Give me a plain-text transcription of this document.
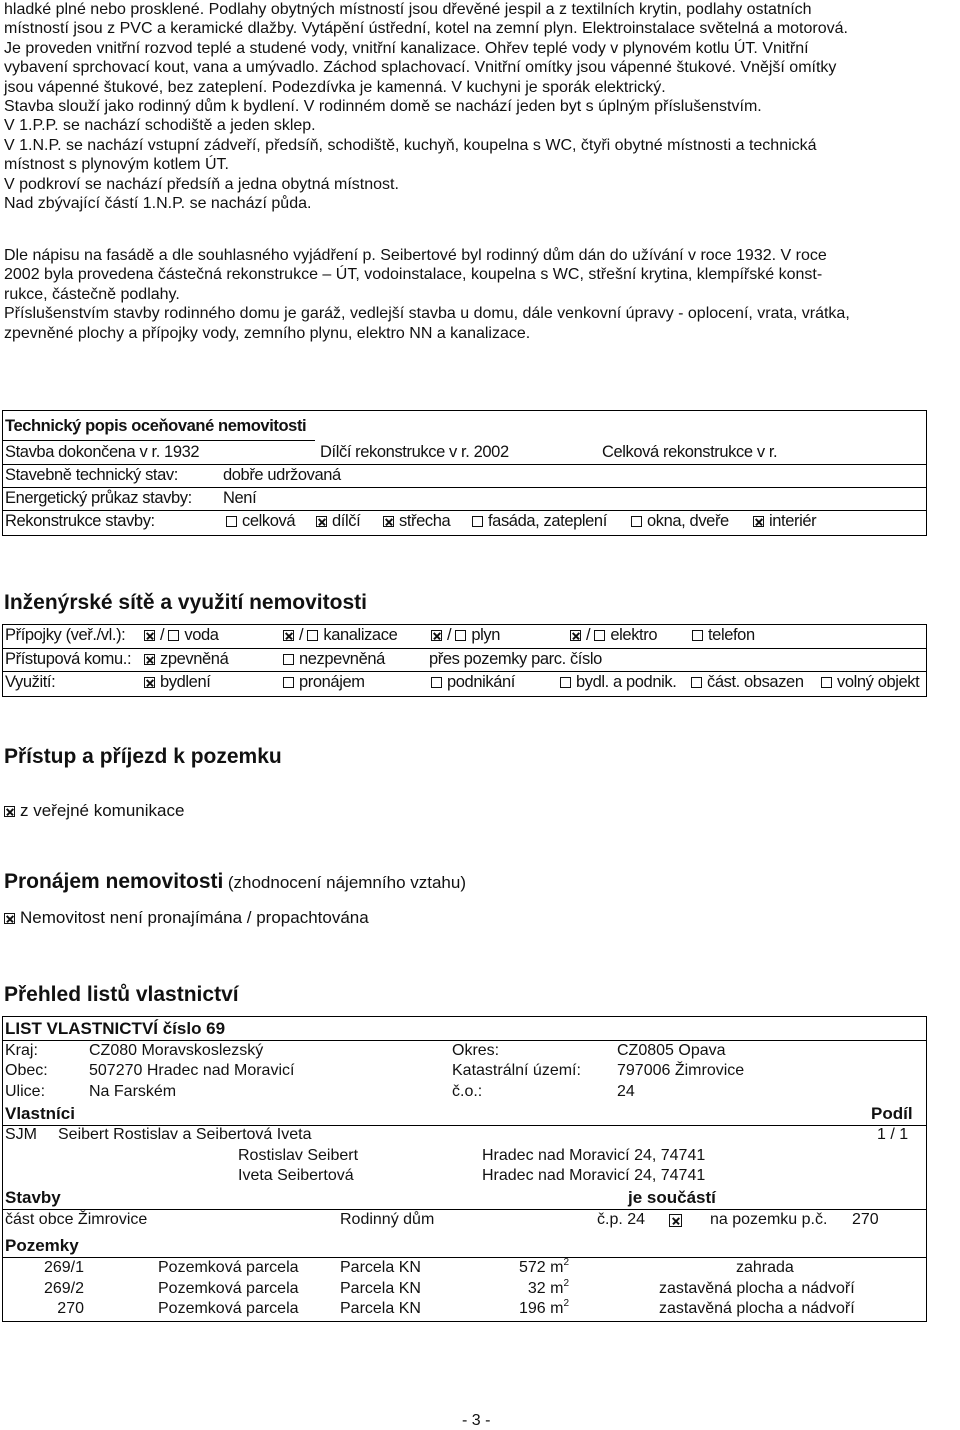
hladké plné nebo prosklené. Podlahy obytných místností jsou dřevěné jespil a z textilních krytin, podlahy ostatních
místností jsou z PVC a keramické dlažby. Vytápění ústřední, kotel na zemní plyn. Elektroinstalace světelná a motorová.
Je proveden vnitřní rozvod teplé a studené vody, vnitřní kanalizace. Ohřev teplé vody v plynovém kotlu ÚT. Vnitřní
vybavení sprchovací kout, vana a umývadlo. Záchod splachovací. Vnitřní omítky jsou vápenné štukové. Vnější omítky
jsou vápenné štukové, bez zateplení. Podezdívka je kamenná. V kuchyni je sporák elektrický.
Stavba slouží jako rodinný dům k bydlení. V rodinném domě se nachází jeden byt s úplným příslušenstvím.
V 1.P.P. se nachází schodiště a jeden sklep.
V 1.N.P. se nachází vstupní zádveří, předsíň, schodiště, kuchyň, koupelna s WC, čtyři obytné místnosti a technická
místnost s plynovým kotlem ÚT.
V podkroví se nachází předsíň a jedna obytná místnost.
Nad zbývající částí 1.N.P. se nachází půda.
Dle nápisu na fasádě a dle souhlasného vyjádření p. Seibertové byl rodinný dům dán do užívání v roce 1932. V roce
2002 byla provedena částečná rekonstrukce – ÚT, vodoinstalace, koupelna s WC, střešní krytina, klempířské konst-
rukce, částečně podlahy.
Příslušenstvím stavby rodinného domu je garáž, vedlejší stavba u domu, dále venkovní úpravy - oplocení, vrata, vrátka,
zpevněné plochy a přípojky vody, zemního plynu, elektro NN a kanalizace.
Technický popis oceňované nemovitosti
Stavba dokončena v r. 1932	Dílčí rekonstrukce v r. 2002	Celková rekonstrukce v r.
Stavebně technický stav:	dobře udržovaná
Energetický průkaz stavby: Není
Rekonstrukce stavby:	celková	dílčí	střecha	fasáda, zateplení	okna, dveře	interiér
Inženýrské sítě a využití nemovitosti
Přípojky (veř./vl.):	/ voda	/ kanalizace	/ plyn	/ elektro	telefon
Přístupová komu.:	zpevněná	nezpevněná	přes pozemky parc. číslo
Využití:	bydlení	pronájem	podnikání	bydl. a podnik.	část. obsazen	volný objekt
Přístup a příjezd k pozemku
z veřejné komunikace
Pronájem nemovitosti (zhodnocení nájemního vztahu)
Nemovitost není pronajímána / propachtována
Přehled listů vlastnictví
LIST VLASTNICTVÍ číslo 69
Kraj:	CZ080 Moravskoslezský	Okres:	CZ0805 Opava
Obec:	507270 Hradec nad Moravicí	Katastrální území: 797006 Žimrovice
Ulice:	Na Farském	č.o.:	24
Vlastníci	Podíl
SJM Seibert Rostislav a Seibertová Iveta	1 / 1
Rostislav Seibert	Hradec nad Moravicí 24, 74741
Iveta Seibertová	Hradec nad Moravicí 24, 74741
Stavby	je součástí
část obce Žimrovice	Rodinný dům	č.p. 24	na pozemku p.č. 270
Pozemky
269/1	Pozemková parcela	Parcela KN	572 $m^2$	zahrada
269/2	Pozemková parcela	Parcela KN	32 $m^2$	zastavěná plocha a nádvoří
270	Pozemková parcela	Parcela KN	196 $m^2$	zastavěná plocha a nádvoří
- 3 -
